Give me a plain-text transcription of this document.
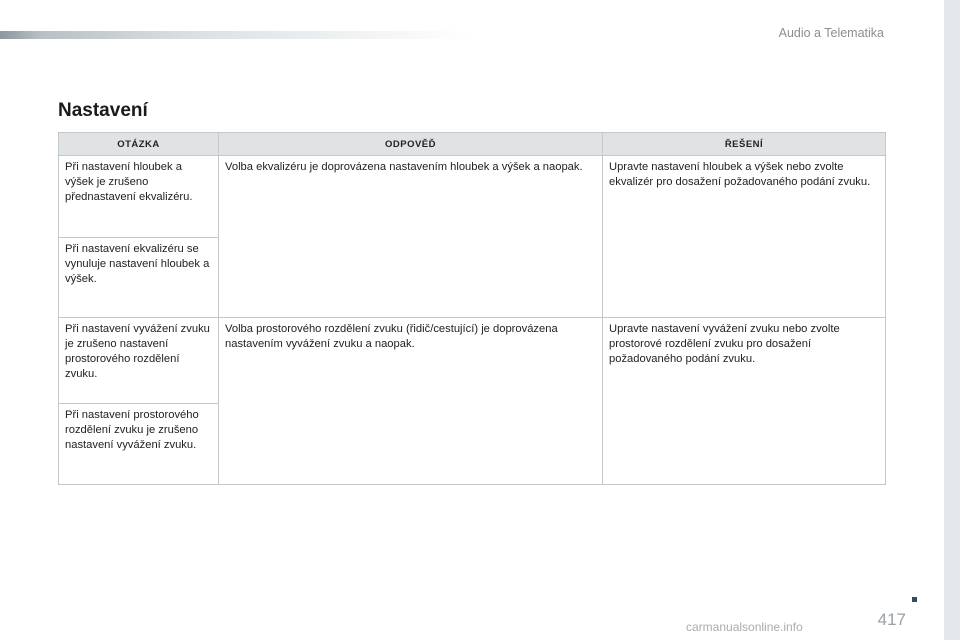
Audio a Telematika
Nastavení
OTÁZKA	ODPOVĚĎ	ŘEŠENÍ
Při nastavení hloubek a výšek je zrušeno přednastavení ekvalizéru.	Volba ekvalizéru je doprovázena nastavením hloubek a výšek a naopak.	Upravte nastavení hloubek a výšek nebo zvolte ekvalizér pro dosažení požadovaného podání zvuku.
Při nastavení ekvalizéru se vynuluje nastavení hloubek a výšek.		
Při nastavení vyvážení zvuku je zrušeno nastavení prostorového rozdělení zvuku.	Volba prostorového rozdělení zvuku (řidič/cestující) je doprovázena nastavením vyvážení zvuku a naopak.	Upravte nastavení vyvážení zvuku nebo zvolte prostorové rozdělení zvuku pro dosažení požadovaného podání zvuku.
Při nastavení prostorového rozdělení zvuku je zrušeno nastavení vyvážení zvuku.		
417
carmanualsonline.info
